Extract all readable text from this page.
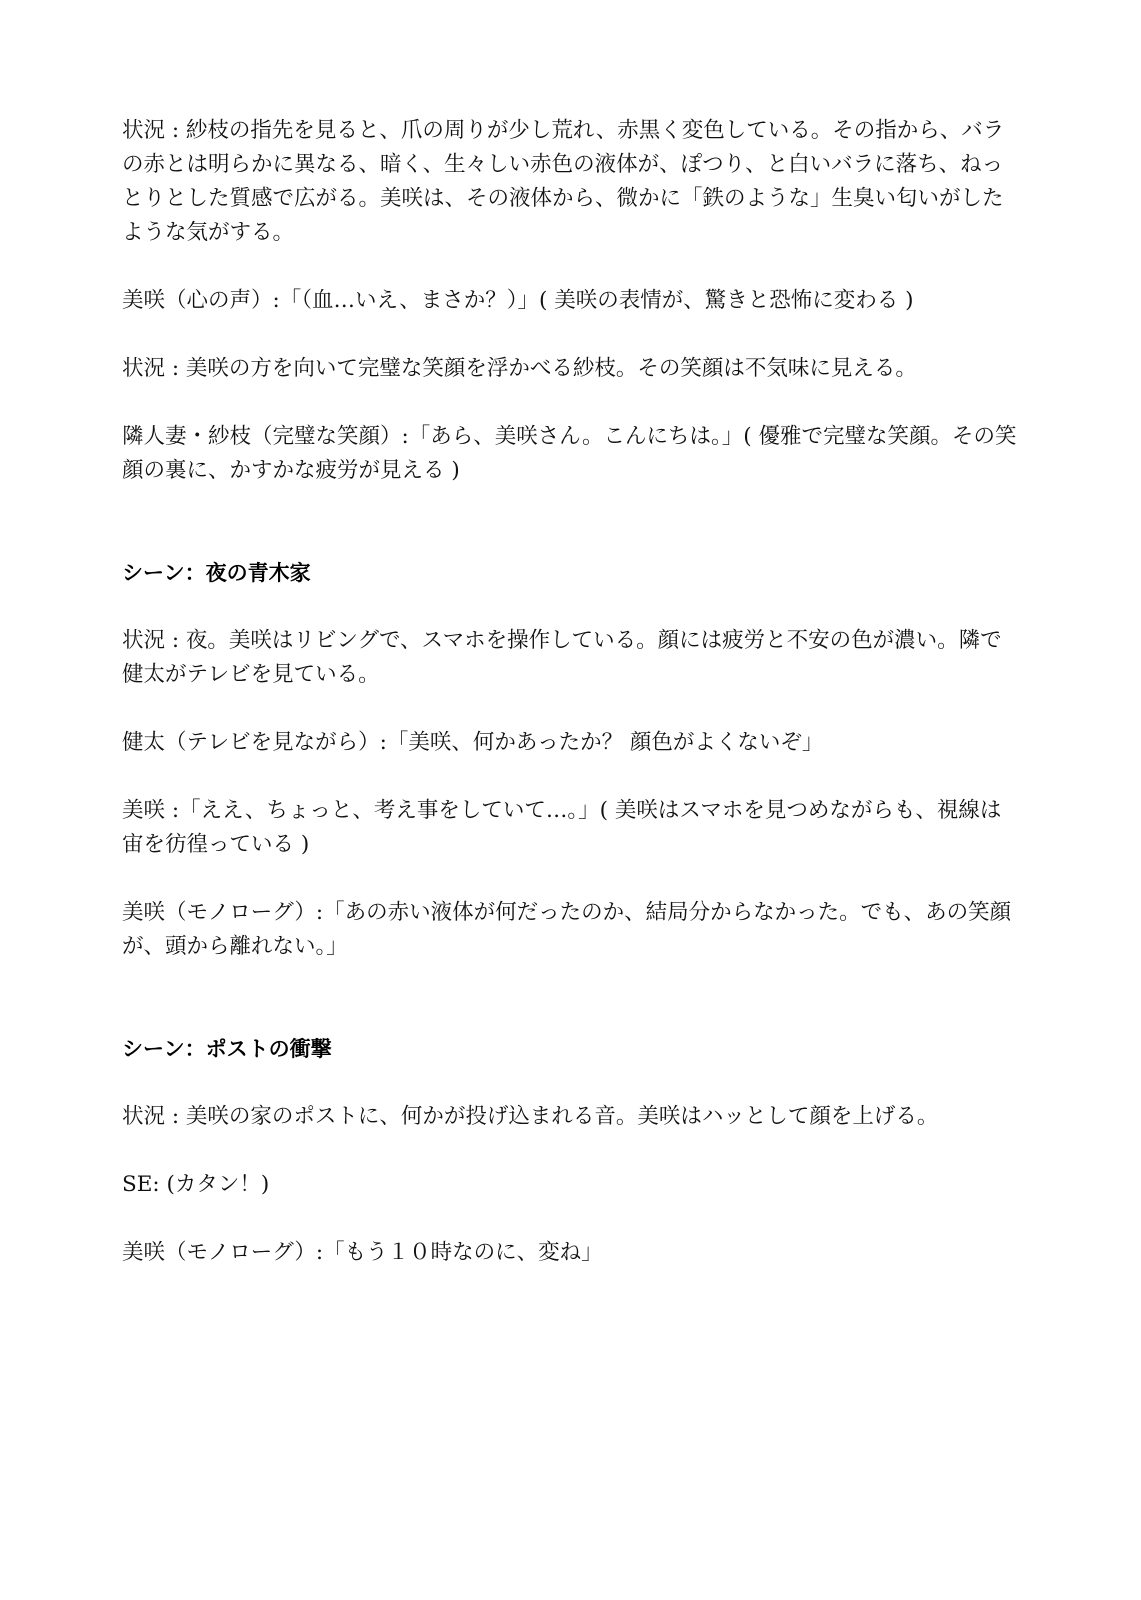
状況 : 紗枝の指先を見ると、爪の周りが少し荒れ、赤黒く変色している。その指から、バラの赤とは明らかに異なる、暗く、生々しい赤色の液体が、ぽつり、と白いバラに落ち、ねっとりとした質感で広がる。美咲は、その液体から、微かに「鉄のような」生臭い匂いがしたような気がする。

美咲（心の声）:「（血…いえ、まさか？）」( 美咲の表情が、驚きと恐怖に変わる )

状況 : 美咲の方を向いて完璧な笑顔を浮かべる紗枝。その笑顔は不気味に見える。

隣人妻・紗枝（完璧な笑顔）:「あら、美咲さん。こんにちは。」( 優雅で完璧な笑顔。その笑顔の裏に、かすかな疲労が見える )

シーン：夜の青木家

状況 : 夜。美咲はリビングで、スマホを操作している。顔には疲労と不安の色が濃い。隣で健太がテレビを見ている。

健太（テレビを見ながら）:「美咲、何かあったか？ 顔色がよくないぞ」

美咲 :「ええ、ちょっと、考え事をしていて…。」( 美咲はスマホを見つめながらも、視線は宙を彷徨っている )

美咲（モノローグ）:「あの赤い液体が何だったのか、結局分からなかった。でも、あの笑顔が、頭から離れない。」

シーン：ポストの衝撃

状況 : 美咲の家のポストに、何かが投げ込まれる音。美咲はハッとして顔を上げる。

SE: (カタン！)

美咲（モノローグ）:「もう１０時なのに、変ね」
